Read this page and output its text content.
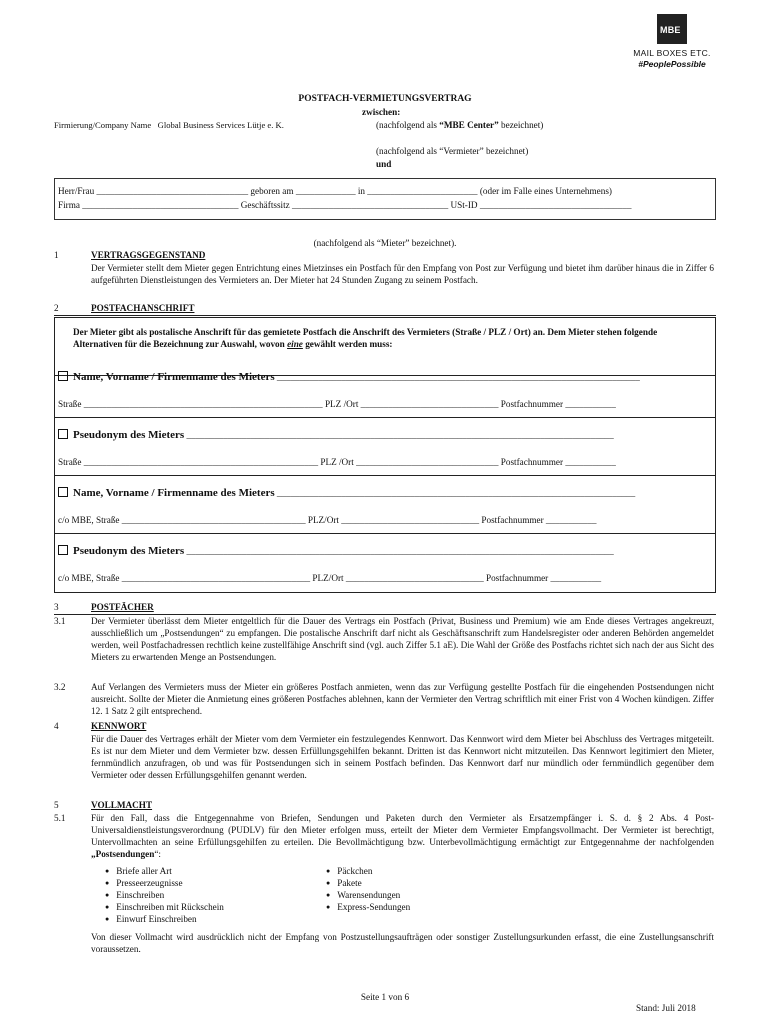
MBE
MAIL BOXES ETC.
#PeoplePossible
POSTFACH-VERMIETUNGSVERTRAG
zwischen:
Firmierung/Company Name Global Business Services Lütje e. K.	(nachfolgend als “MBE Center” bezeichnet)
(nachfolgend als “Vermieter” bezeichnet)
und
Herr/Frau _________________________________ geboren am _____________ in ________________________ (oder im Falle eines Unternehmens)
Firma __________________________________ Geschäftssitz __________________________________ USt-ID _________________________________
(nachfolgend als “Mieter” bezeichnet).
1	VERTRAGSGEGENSTAND
Der Vermieter stellt dem Mieter gegen Entrichtung eines Mietzinses ein Postfach für den Empfang von Post zur Verfügung und bietet ihm darüber hinaus die in Ziffer 6 aufgeführten Dienstleistungen des Vermieters an. Der Mieter hat 24 Stunden Zugang zu seinem Postfach.
2	POSTFACHANSCHRIFT
Der Mieter gibt als postalische Anschrift für das gemietete Postfach die Anschrift des Vermieters (Straße / PLZ / Ort) an. Dem Mieter stehen folgende Alternativen für die Bezeichnung zur Auswahl, wovon eine gewählt werden muss:
Name, Vorname / Firmenname des Mieters _______________________________________________________________________________
Straße ____________________________________________________ PLZ /Ort ______________________________ Postfachnummer ___________
Pseudonym des Mieters _____________________________________________________________________________________________
Straße ___________________________________________________ PLZ /Ort _______________________________ Postfachnummer ___________
Name, Vorname / Firmenname des Mieters ______________________________________________________________________________
c/o MBE, Straße ________________________________________ PLZ/Ort ______________________________ Postfachnummer ___________
Pseudonym des Mieters _____________________________________________________________________________________________
c/o MBE, Straße _________________________________________ PLZ/Ort ______________________________ Postfachnummer ___________
3	POSTFÄCHER
3.1	Der Vermieter überlässt dem Mieter entgeltlich für die Dauer des Vertrags ein Postfach (Privat, Business und Premium) wie am Ende dieses Vertrages angekreuzt, ausschließlich um „Postsendungen“ zu empfangen. Die postalische Anschrift darf nicht als Geschäftsanschrift zum Handelsregister oder anderen Behörden angemeldet werden, weil Postfachadressen rechtlich keine zustellfähige Anschrift sind (vgl. auch Ziffer 5.1 aE). Die Wahl der Größe des Postfachs richtet sich nach der aus Sicht des Mieters zu erwartenden Menge an Postsendungen.
3.2	Auf Verlangen des Vermieters muss der Mieter ein größeres Postfach anmieten, wenn das zur Verfügung gestellte Postfach für die eingehenden Postsendungen nicht ausreicht. Sollte der Mieter die Anmietung eines größeren Postfaches ablehnen, kann der Vermieter den Vertrag schriftlich mit einer Frist von 4 Wochen kündigen. Ziffer 12. 1 Satz 2 gilt entsprechend.
4	KENNWORT
Für die Dauer des Vertrages erhält der Mieter vom dem Vermieter ein festzulegendes Kennwort. Das Kennwort wird dem Mieter bei Abschluss des Vertrages mitgeteilt. Es ist nur dem Mieter und dem Vermieter bzw. dessen Erfüllungsgehilfen bekannt. Dritten ist das Kennwort nicht mitzuteilen. Das Kennwort legitimiert den Mieter, fernmündlich anzufragen, ob und was für Postsendungen sich in seinem Postfach befinden. Das Kennwort darf nur mündlich oder fernmündlich gegenüber dem Vermieter oder dessen Erfüllungsgehilfen genannt werden.
5	VOLLMACHT
5.1	Für den Fall, dass die Entgegennahme von Briefen, Sendungen und Paketen durch den Vermieter als Ersatzempfänger i. S. d. § 2 Abs. 4 Post-Universaldienstleistungsverordnung (PUDLV) für den Mieter erfolgen muss, erteilt der Mieter dem Vermieter Empfangsvollmacht. Der Vermieter ist berechtigt, Untervollmachten an seine Erfüllungsgehilfen zu erteilen. Die Bevollmächtigung bzw. Unterbevollmächtigung ermächtigt zur Entgegennahme der nachfolgenden „Postsendungen“:
● Briefe aller Art
● Presseerzeugnisse
● Einschreiben
● Einschreiben mit Rückschein
● Einwurf Einschreiben
● Päckchen
● Pakete
● Warensendungen
● Express-Sendungen
Von dieser Vollmacht wird ausdrücklich nicht der Empfang von Postzustellungsaufträgen oder sonstiger Zustellungsurkunden erfasst, die eine Zustellungsanschrift voraussetzen.
Seite 1 von 6
Stand: Juli 2018
